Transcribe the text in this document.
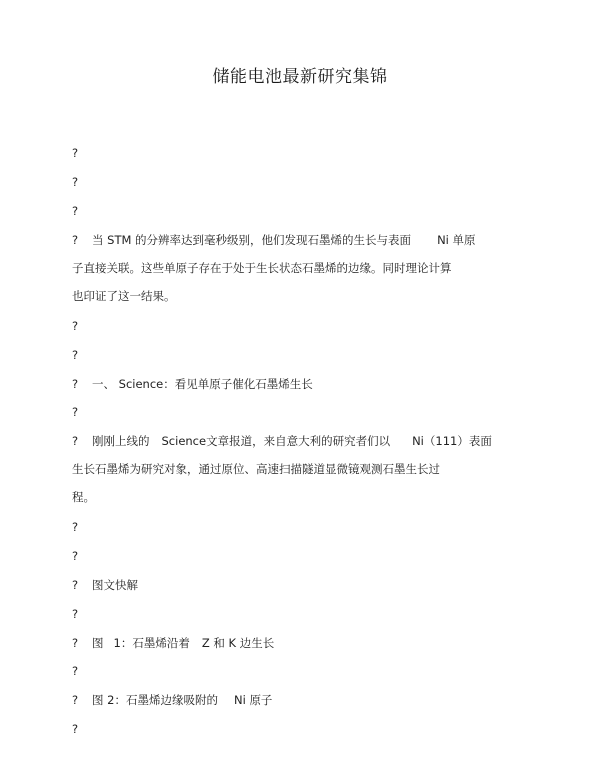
储能电池最新研究集锦
?
?
?
? 当 STM 的分辨率达到毫秒级别，他们发现石墨烯的生长与表面 Ni 单原
子直接关联。这些单原子存在于处于生长状态石墨烯的边缘。同时理论计算
也印证了这一结果。
?
?
? 一、 Science：看见单原子催化石墨烯生长
?
? 刚刚上线的 Science文章报道，来自意大利的研究者们以 Ni（111）表面
生长石墨烯为研究对象，通过原位、高速扫描隧道显微镜观测石墨生长过
程。
?
?
? 图文快解
?
? 图 1：石墨烯沿着 Z 和 K 边生长
?
? 图 2：石墨烯边缘吸附的 Ni 原子
?
